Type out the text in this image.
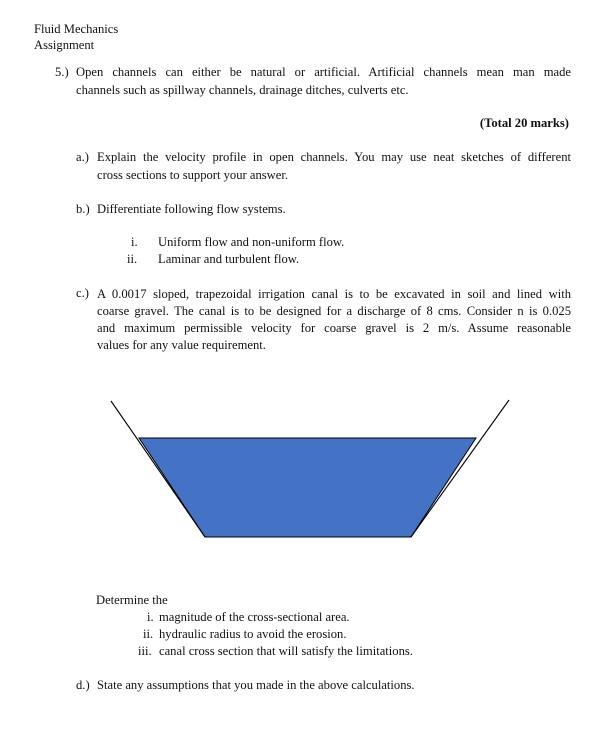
Fluid Mechanics
Assignment
5.) Open channels can either be natural or artificial. Artificial channels mean man made
channels such as spillway channels, drainage ditches, culverts etc.
(Total 20 marks)
a.) Explain the velocity profile in open channels. You may use neat sketches of different
cross sections to support your answer.
b.) Differentiate following flow systems.
i. Uniform flow and non-uniform flow.
ii. Laminar and turbulent flow.
c.) A 0.0017 sloped, trapezoidal irrigation canal is to be excavated in soil and lined with
coarse gravel. The canal is to be designed for a discharge of 8 cms. Consider n is 0.025
and maximum permissible velocity for coarse gravel is 2 m/s. Assume reasonable
values for any value requirement.
Determine the
i. magnitude of the cross-sectional area.
ii. hydraulic radius to avoid the erosion.
iii. canal cross section that will satisfy the limitations.
d.) State any assumptions that you made in the above calculations.
